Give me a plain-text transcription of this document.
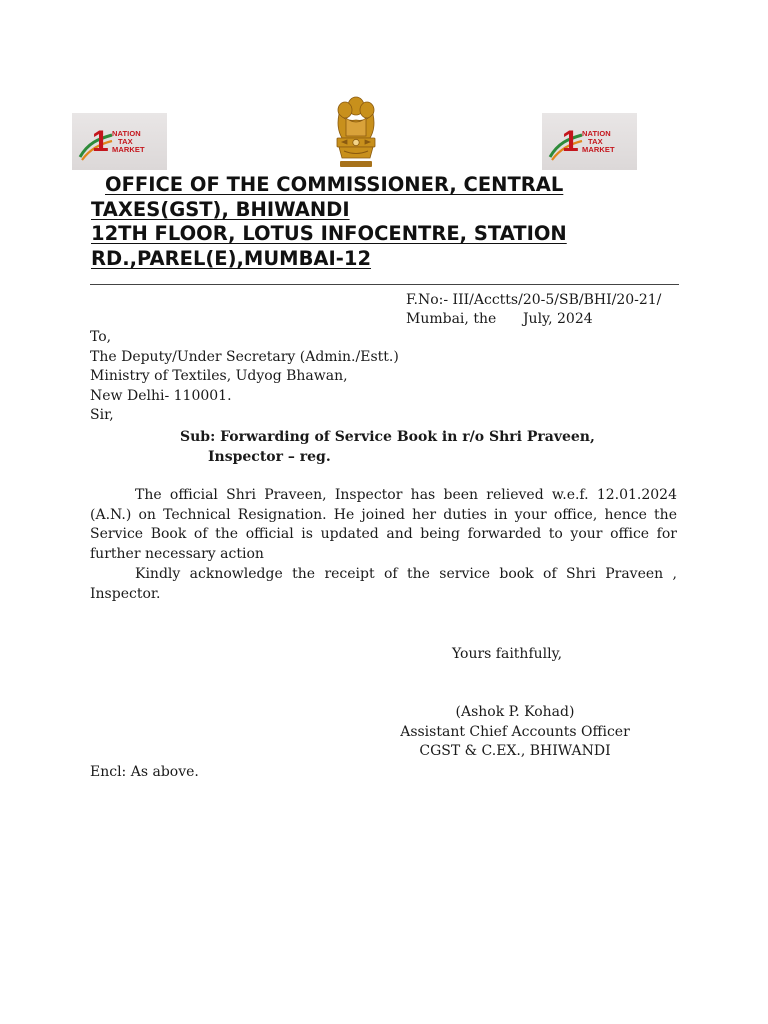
1 NATION
TAX
MARKET	1 NATION
TAX
MARKET
OFFICE OF THE COMMISSIONER, CENTRAL
TAXES(GST), BHIWANDI
12TH FLOOR, LOTUS INFOCENTRE, STATION
RD.,PAREL(E),MUMBAI-12
F.No:- III/Acctts/20-5/SB/BHI/20-21/
Mumbai, the      July, 2024
To,
The Deputy/Under Secretary (Admin./Estt.)
Ministry of Textiles, Udyog Bhawan,
New Delhi- 110001.
Sir,
Sub: Forwarding of Service Book in r/o Shri Praveen,
Inspector – reg.
The official Shri Praveen, Inspector has been relieved w.e.f. 12.01.2024 (A.N.) on Technical Resignation. He joined her duties in your office, hence the Service Book of the official is updated and being forwarded to your office for further necessary action
Kindly acknowledge the receipt of the service book of Shri Praveen , Inspector.
Yours faithfully,
(Ashok P. Kohad)
Assistant Chief Accounts Officer
CGST & C.EX., BHIWANDI
Encl: As above.
